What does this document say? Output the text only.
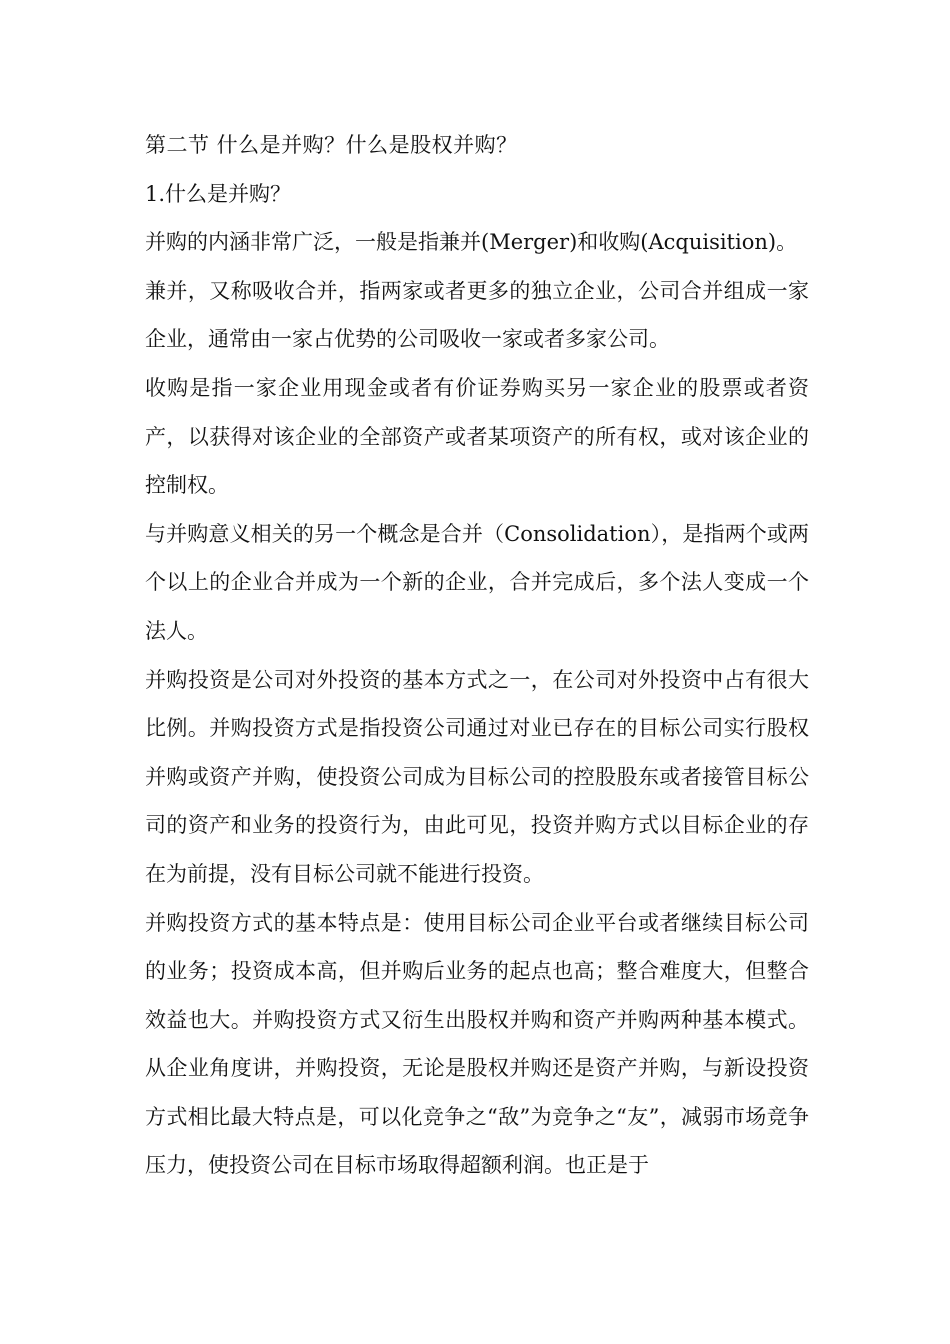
第二节 什么是并购？什么是股权并购？

1.什么是并购？

并购的内涵非常广泛，一般是指兼并(Merger)和收购(Acquisition)。

兼并，又称吸收合并，指两家或者更多的独立企业，公司合并组成一家企业，通常由一家占优势的公司吸收一家或者多家公司。

收购是指一家企业用现金或者有价证券购买另一家企业的股票或者资产，以获得对该企业的全部资产或者某项资产的所有权，或对该企业的控制权。

与并购意义相关的另一个概念是合并（Consolidation），是指两个或两个以上的企业合并成为一个新的企业，合并完成后，多个法人变成一个法人。

并购投资是公司对外投资的基本方式之一，在公司对外投资中占有很大比例。并购投资方式是指投资公司通过对业已存在的目标公司实行股权并购或资产并购，使投资公司成为目标公司的控股股东或者接管目标公司的资产和业务的投资行为，由此可见，投资并购方式以目标企业的存在为前提，没有目标公司就不能进行投资。

并购投资方式的基本特点是：使用目标公司企业平台或者继续目标公司的业务；投资成本高，但并购后业务的起点也高；整合难度大，但整合效益也大。并购投资方式又衍生出股权并购和资产并购两种基本模式。从企业角度讲，并购投资，无论是股权并购还是资产并购，与新设投资方式相比最大特点是，可以化竞争之“敌”为竞争之“友”，减弱市场竞争压力，使投资公司在目标市场取得超额利润。也正是于
